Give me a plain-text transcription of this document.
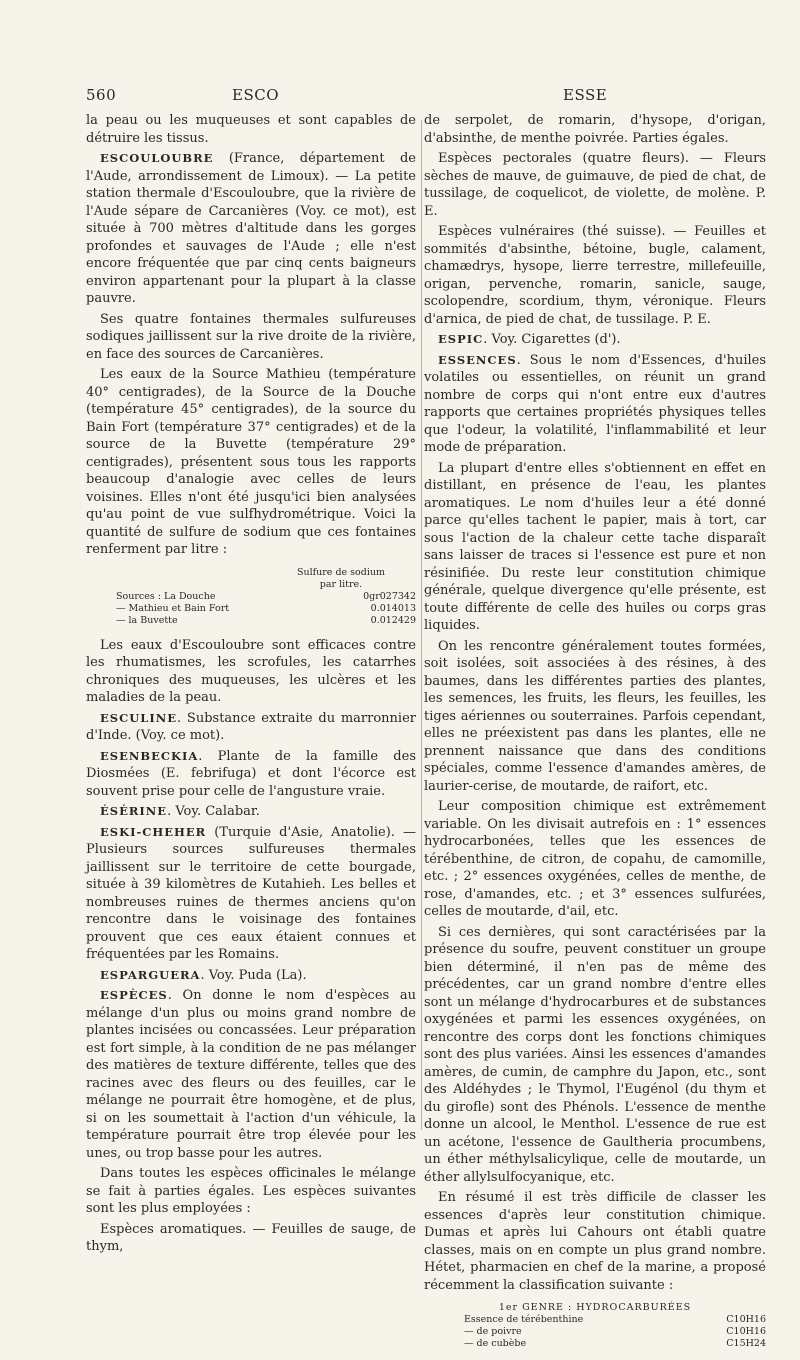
560	ESCO	ESSE

la peau ou les muqueuses et sont capables de détruire les tissus.

ESCOULOUBRE (France, département de l'Aude, arrondissement de Limoux). — La petite station thermale d'Escouloubre, que la rivière de l'Aude sépare de Carcanières (Voy. ce mot), est située à 700 mètres d'altitude dans les gorges profondes et sauvages de l'Aude ; elle n'est encore fréquentée que par cinq cents baigneurs environ appartenant pour la plupart à la classe pauvre.

Ses quatre fontaines thermales sulfureuses sodiques jaillissent sur la rive droite de la rivière, en face des sources de Carcanières.

Les eaux de la Source Mathieu (température 40° centigrades), de la Source de la Douche (température 45° centigrades), de la source du Bain Fort (température 37° centigrades) et de la source de la Buvette (température 29° centigrades), présentent sous tous les rapports beaucoup d'analogie avec celles de leurs voisines. Elles n'ont été jusqu'ici bien analysées qu'au point de vue sulfhydrométrique. Voici la quantité de sulfure de sodium que ces fontaines renferment par litre :

Sulfure de sodium
par litre.
Sources : La Douche	0gr027342
— Mathieu et Bain Fort	0.014013
— la Buvette	0.012429

Les eaux d'Escouloubre sont efficaces contre les rhumatismes, les scrofules, les catarrhes chroniques des muqueuses, les ulcères et les maladies de la peau.

ESCULINE. Substance extraite du marronnier d'Inde. (Voy. ce mot).

ESENBECKIA. Plante de la famille des Diosmées (E. febrifuga) et dont l'écorce est souvent prise pour celle de l'angusture vraie.

ÉSÉRINE. Voy. Calabar.

ESKI-CHEHER (Turquie d'Asie, Anatolie). — Plusieurs sources sulfureuses thermales jaillissent sur le territoire de cette bourgade, située à 39 kilomètres de Kutahieh. Les belles et nombreuses ruines de thermes anciens qu'on rencontre dans le voisinage des fontaines prouvent que ces eaux étaient connues et fréquentées par les Romains.

ESPARGUERA. Voy. Puda (La).

ESPÈCES. On donne le nom d'espèces au mélange d'un plus ou moins grand nombre de plantes incisées ou concassées. Leur préparation est fort simple, à la condition de ne pas mélanger des matières de texture différente, telles que des racines avec des fleurs ou des feuilles, car le mélange ne pourrait être homogène, et de plus, si on les soumettait à l'action d'un véhicule, la température pourrait être trop élevée pour les unes, ou trop basse pour les autres.

Dans toutes les espèces officinales le mélange se fait à parties égales. Les espèces suivantes sont les plus employées :

Espèces aromatiques. — Feuilles de sauge, de thym,

de serpolet, de romarin, d'hysope, d'origan, d'absinthe, de menthe poivrée. Parties égales.

Espèces pectorales (quatre fleurs). — Fleurs sèches de mauve, de guimauve, de pied de chat, de tussilage, de coquelicot, de violette, de molène. P. E.

Espèces vulnéraires (thé suisse). — Feuilles et sommités d'absinthe, bétoine, bugle, calament, chamædrys, hysope, lierre terrestre, millefeuille, origan, pervenche, romarin, sanicle, sauge, scolopendre, scordium, thym, véronique. Fleurs d'arnica, de pied de chat, de tussilage. P. E.

ESPIC. Voy. Cigarettes (d').

ESSENCES. Sous le nom d'Essences, d'huiles volatiles ou essentielles, on réunit un grand nombre de corps qui n'ont entre eux d'autres rapports que certaines propriétés physiques telles que l'odeur, la volatilité, l'inflammabilité et leur mode de préparation.

La plupart d'entre elles s'obtiennent en effet en distillant, en présence de l'eau, les plantes aromatiques. Le nom d'huiles leur a été donné parce qu'elles tachent le papier, mais à tort, car sous l'action de la chaleur cette tache disparaît sans laisser de traces si l'essence est pure et non résinifiée. Du reste leur constitution chimique générale, quelque divergence qu'elle présente, est toute différente de celle des huiles ou corps gras liquides.

On les rencontre généralement toutes formées, soit isolées, soit associées à des résines, à des baumes, dans les différentes parties des plantes, les semences, les fruits, les fleurs, les feuilles, les tiges aériennes ou souterraines. Parfois cependant, elles ne préexistent pas dans les plantes, elle ne prennent naissance que dans des conditions spéciales, comme l'essence d'amandes amères, de laurier-cerise, de moutarde, de raifort, etc.

Leur composition chimique est extrêmement variable. On les divisait autrefois en : 1° essences hydrocarbonées, telles que les essences de térébenthine, de citron, de copahu, de camomille, etc. ; 2° essences oxygénées, celles de menthe, de rose, d'amandes, etc. ; et 3° essences sulfurées, celles de moutarde, d'ail, etc.

Si ces dernières, qui sont caractérisées par la présence du soufre, peuvent constituer un groupe bien déterminé, il n'en pas de même des précédentes, car un grand nombre d'entre elles sont un mélange d'hydrocarbures et de substances oxygénées et parmi les essences oxygénées, on rencontre des corps dont les fonctions chimiques sont des plus variées. Ainsi les essences d'amandes amères, de cumin, de camphre du Japon, etc., sont des Aldéhydes ; le Thymol, l'Eugénol (du thym et du girofle) sont des Phénols. L'essence de menthe donne un alcool, le Menthol. L'essence de rue est un acétone, l'essence de Gaultheria procumbens, un éther méthylsalicylique, celle de moutarde, un éther allylsulfocyanique, etc.

En résumé il est très difficile de classer les essences d'après leur constitution chimique. Dumas et après lui Cahours ont établi quatre classes, mais on en compte un plus grand nombre. Hétet, pharmacien en chef de la marine, a proposé récemment la classification suivante :

1er GENRE : HYDROCARBURÉES
Essence de térébenthine	C10H16
— de poivre	C10H16
— de cubèbe	C15H24
